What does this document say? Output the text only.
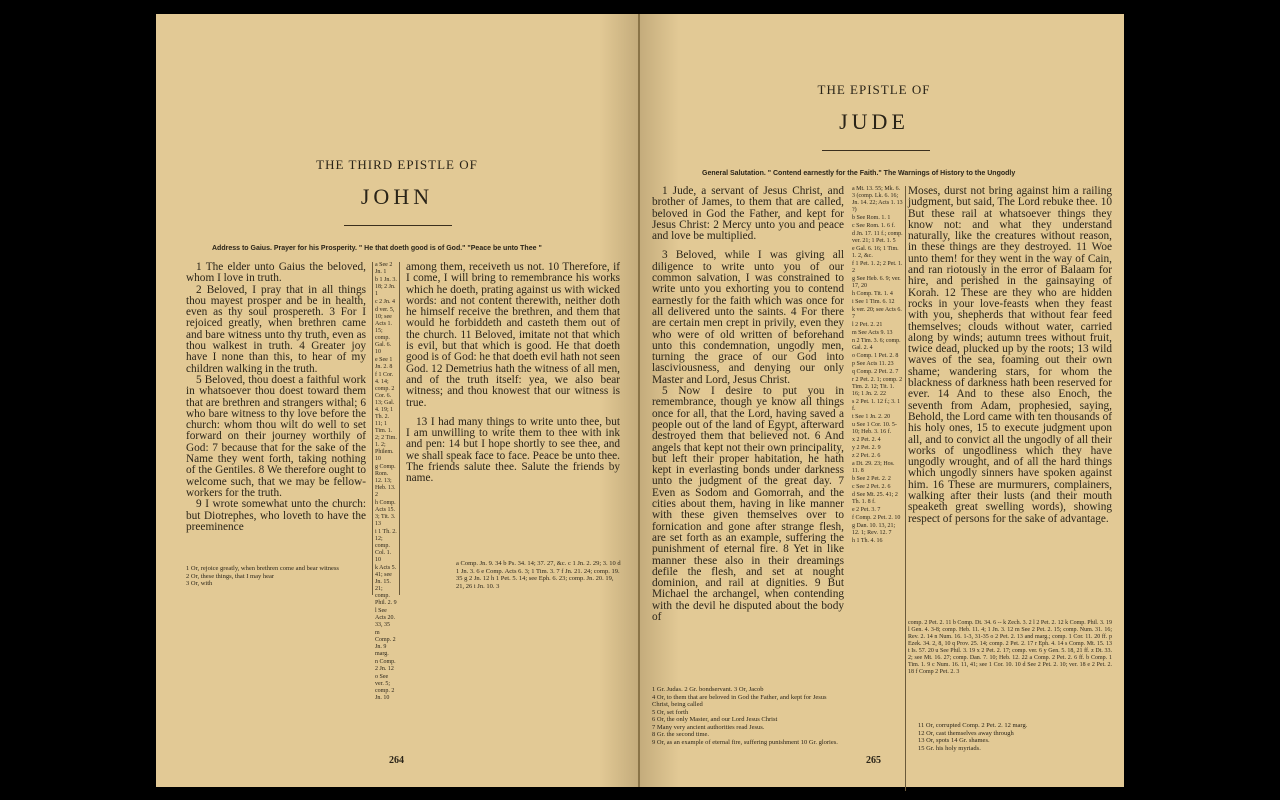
THE THIRD EPISTLE OF
JOHN
Address to Gaius. Prayer for his Prosperity. " He that doeth good is of God." "Peace be unto Thee "

1 The elder unto Gaius the beloved, whom I love in truth.

2 Beloved, I pray that in all things thou mayest prosper and be in health, even as thy soul prospereth. 3 For I rejoiced greatly, when brethren came and bare witness unto thy truth, even as thou walkest in truth. 4 Greater joy have I none than this, to hear of my children walking in the truth.

5 Beloved, thou doest a faithful work in whatsoever thou doest toward them that are brethren and strangers withal; 6 who bare witness to thy love before the church: whom thou wilt do well to set forward on their journey worthily of God: 7 because that for the sake of the Name they went forth, taking nothing of the Gentiles. 8 We therefore ought to welcome such, that we may be fellow-workers for the truth.

9 I wrote somewhat unto the church: but Diotrephes, who loveth to have the preeminence

a See 2 Jn. 1
b 1 Jn. 3. 18; 2 Jn. 1
c 2 Jn. 4
d ver. 5, 10; see Acts 1. 15; comp. Gal. 6. 10
e See 1 Jn. 2. 8
f 1 Cor. 4. 14; comp. 2 Cor. 6. 13; Gal. 4. 19; 1 Th. 2. 11; 1 Tim. 1. 2; 2 Tim. 1. 2; Philem. 10
g Comp. Rom. 12. 13; Heb. 13. 2
h Comp. Acts 15. 3; Tit. 3. 13
i 1 Th. 2. 12; comp. Col. 1. 10
k Acts 5. 41; see Jn. 15. 21; comp. Phil. 2. 9
l See Acts 20. 33, 35
m Comp. 2 Jn. 9 marg.
n Comp. 2 Jn. 12
o See ver. 5; comp. 2 Jn. 10

among them, receiveth us not. 10 Therefore, if I come, I will bring to remembrance his works which he doeth, prating against us with wicked words: and not content therewith, neither doth he himself receive the brethren, and them that would he forbiddeth and casteth them out of the church. 11 Beloved, imitate not that which is evil, but that which is good. He that doeth good is of God: he that doeth evil hath not seen God. 12 Demetrius hath the witness of all men, and of the truth itself: yea, we also bear witness; and thou knowest that our witness is true.

13 I had many things to write unto thee, but I am unwilling to write them to thee with ink and pen: 14 but I hope shortly to see thee, and we shall speak face to face. Peace be unto thee. The friends salute thee. Salute the friends by name.

1 Or, rejoice greatly, when brethren come and bear witness
2 Or, these things, that I may hear
3 Or, with
a Comp. Jn. 9. 34 b Ps. 34. 14; 37. 27, &c. c 1 Jn. 2. 29; 3. 10 d 1 Jn. 3. 6 e Comp. Acts 6. 3; 1 Tim. 3. 7 f Jn. 21. 24; comp. 19. 35 g 2 Jn. 12 h 1 Pet. 5. 14; see Eph. 6. 23; comp. Jn. 20. 19, 21, 26 i Jn. 10. 3
264
THE EPISTLE OF
JUDE
General Salutation. " Contend earnestly for the Faith." The Warnings of History to the Ungodly

1 Jude, a servant of Jesus Christ, and brother of James, to them that are called, beloved in God the Father, and kept for Jesus Christ: 2 Mercy unto you and peace and love be multiplied.

3 Beloved, while I was giving all diligence to write unto you of our common salvation, I was constrained to write unto you exhorting you to contend earnestly for the faith which was once for all delivered unto the saints. 4 For there are certain men crept in privily, even they who were of old written of beforehand unto this condemnation, ungodly men, turning the grace of our God into lasciviousness, and denying our only Master and Lord, Jesus Christ.

5 Now I desire to put you in remembrance, though ye know all things once for all, that the Lord, having saved a people out of the land of Egypt, afterward destroyed them that believed not. 6 And angels that kept not their own principality, but left their proper habitation, he hath kept in everlasting bonds under darkness unto the judgment of the great day. 7 Even as Sodom and Gomorrah, and the cities about them, having in like manner with these given themselves over to fornication and gone after strange flesh, are set forth as an example, suffering the punishment of eternal fire. 8 Yet in like manner these also in their dreamings defile the flesh, and set at nought dominion, and rail at dignities. 9 But Michael the archangel, when contending with the devil he disputed about the body of

a Mt. 13. 55; Mk. 6. 3 (comp. Lk. 6. 16; Jn. 14. 22; Acts 1. 13 ?)
b See Rom. 1. 1
c See Rom. 1. 6 f.
d Jn. 17. 11 f.; comp. ver. 21; 1 Pet. 1. 5
e Gal. 6. 16; 1 Tim. 1. 2, &c.
f 1 Pet. 1. 2; 2 Pet. 1. 2
g See Heb. 6. 9; ver. 17, 20
h Comp. Tit. 1. 4
i See 1 Tim. 6. 12
k ver. 20; see Acts 6. 7
l 2 Pet. 2. 21
m See Acts 9. 13
n 2 Tim. 3. 6; comp. Gal. 2. 4
o Comp. 1 Pet. 2. 8
p See Acts 11. 23
q Comp. 2 Pet. 2. 7
r 2 Pet. 2. 1; comp. 2 Tim. 2. 12; Tit. 1. 16; 1 Jn. 2. 22
s 2 Pet. 1. 12 f.; 3. 1 f.
t See 1 Jn. 2. 20
u See 1 Cor. 10. 5-10; Heb. 3. 16 f.
x 2 Pet. 2. 4
y 2 Pet. 2. 9
z 2 Pet. 2. 6
a Dt. 29. 23; Hos. 11. 8
b See 2 Pet. 2. 2
c See 2 Pet. 2. 6
d See Mt. 25. 41; 2 Th. 1. 8 f.
e 2 Pet. 3. 7
f Comp. 2 Pet. 2. 10
g Dan. 10. 13, 21; 12. 1; Rev. 12. 7
h 1 Th. 4. 16

Moses, durst not bring against him a railing judgment, but said, The Lord rebuke thee. 10 But these rail at whatsoever things they know not: and what they understand naturally, like the creatures without reason, in these things are they destroyed. 11 Woe unto them! for they went in the way of Cain, and ran riotously in the error of Balaam for hire, and perished in the gainsaying of Korah. 12 These are they who are hidden rocks in your love-feasts when they feast with you, shepherds that without fear feed themselves; clouds without water, carried along by winds; autumn trees without fruit, twice dead, plucked up by the roots; 13 wild waves of the sea, foaming out their own shame; wandering stars, for whom the blackness of darkness hath been reserved for ever. 14 And to these also Enoch, the seventh from Adam, prophesied, saying, Behold, the Lord came with ten thousands of his holy ones, 15 to execute judgment upon all, and to convict all the ungodly of all their works of ungodliness which they have ungodly wrought, and of all the hard things which ungodly sinners have spoken against him. 16 These are murmurers, complainers, walking after their lusts (and their mouth speaketh great swelling words), showing respect of persons for the sake of advantage.

comp. 2 Pet. 2. 11 b Comp. Dt. 34. 6 -- k Zech. 3. 2 l 2 Pet. 2. 12 k Comp. Phil. 3. 19 l Gen. 4. 3-8; comp. Heb. 11. 4; 1 Jn. 3. 12 m See 2 Pet. 2. 15; comp. Num. 31. 16; Rev. 2. 14 n Num. 16. 1-3, 31-35 o 2 Pet. 2. 13 and marg.; comp. 1 Cor. 11. 20 ff. p Ezek. 34. 2, 8, 10 q Prov. 25. 14; comp. 2 Pet. 2. 17 r Eph. 4. 14 s Comp. Mt. 15. 13 t Is. 57. 20 u See Phil. 3. 19 x 2 Pet. 2. 17; comp. ver. 6 y Gen. 5. 18, 21 ff. z Dt. 33. 2; see Mt. 16. 27; comp. Dan. 7. 10; Heb. 12. 22 a Comp. 2 Pet. 2. 6 ff. b Comp. 1 Tim. 1. 9 c Num. 16. 11, 41; see 1 Cor. 10. 10 d See 2 Pet. 2. 10; ver. 18 e 2 Pet. 2. 18 f Comp 2 Pet. 2. 3
1 Gr. Judas. 2 Gr. bondservant. 3 Or, Jacob
4 Or, to them that are beloved in God the Father, and kept for Jesus Christ, being called
5 Or, set forth
6 Or, the only Master, and our Lord Jesus Christ
7 Many very ancient authorities read Jesus.
8 Gr. the second time.
9 Or, as an example of eternal fire, suffering punishment 10 Gr. glories.
11 Or, corrupted Comp. 2 Pet. 2. 12 marg.
12 Or, cast themselves away through
13 Or, spots 14 Gr. shames.
15 Gr. his holy myriads.
265
